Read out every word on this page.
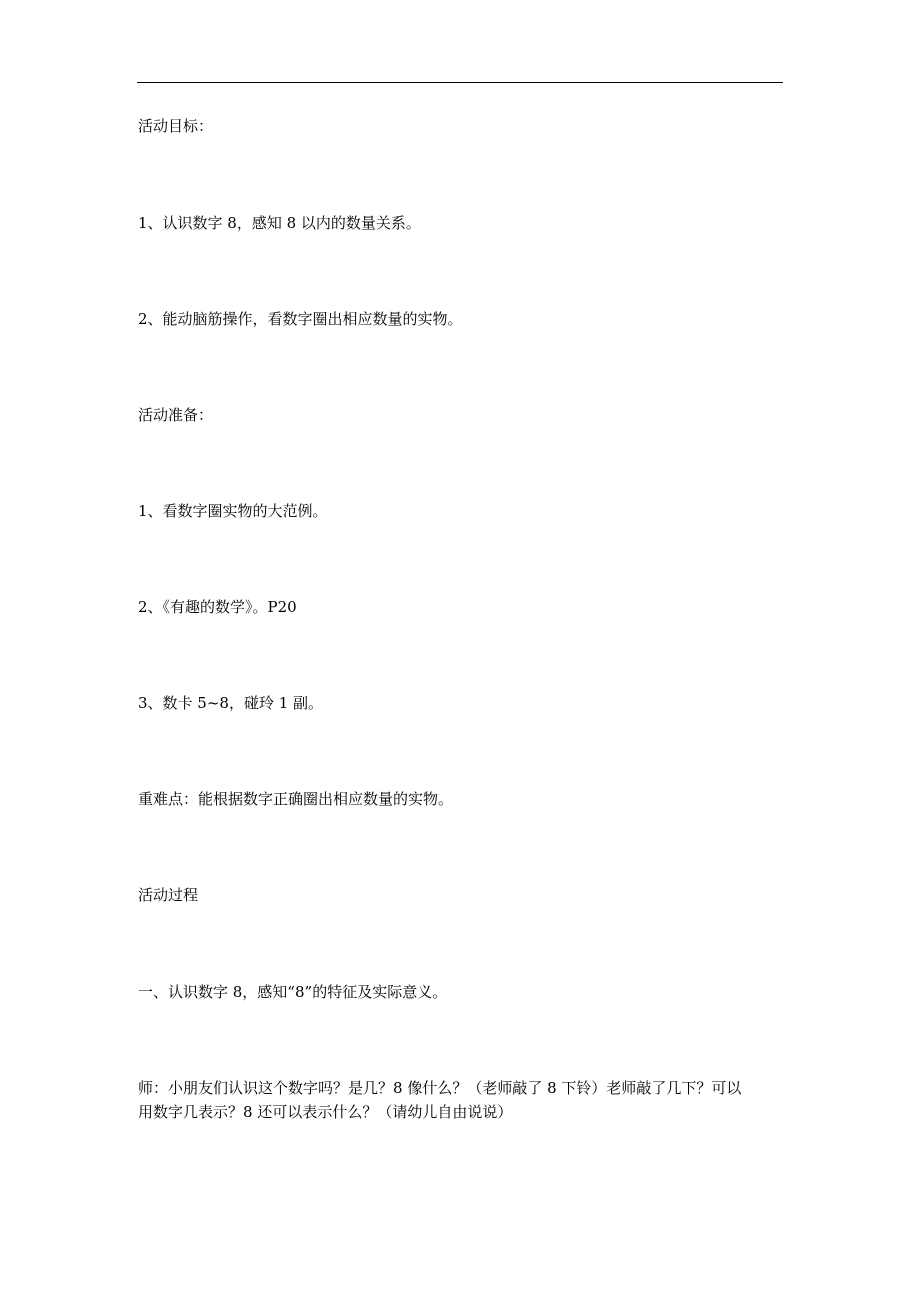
活动目标：
1、认识数字 8，感知 8 以内的数量关系。
2、能动脑筋操作，看数字圈出相应数量的实物。
活动准备：
1、看数字圈实物的大范例。
2、《有趣的数学》。P20
3、数卡 5~8，碰玲 1 副。
重难点：能根据数字正确圈出相应数量的实物。
活动过程
一、认识数字 8，感知“8”的特征及实际意义。
师：小朋友们认识这个数字吗？是几？8 像什么？（老师敲了 8 下铃）老师敲了几下？可以
用数字几表示？8 还可以表示什么？（请幼儿自由说说）
